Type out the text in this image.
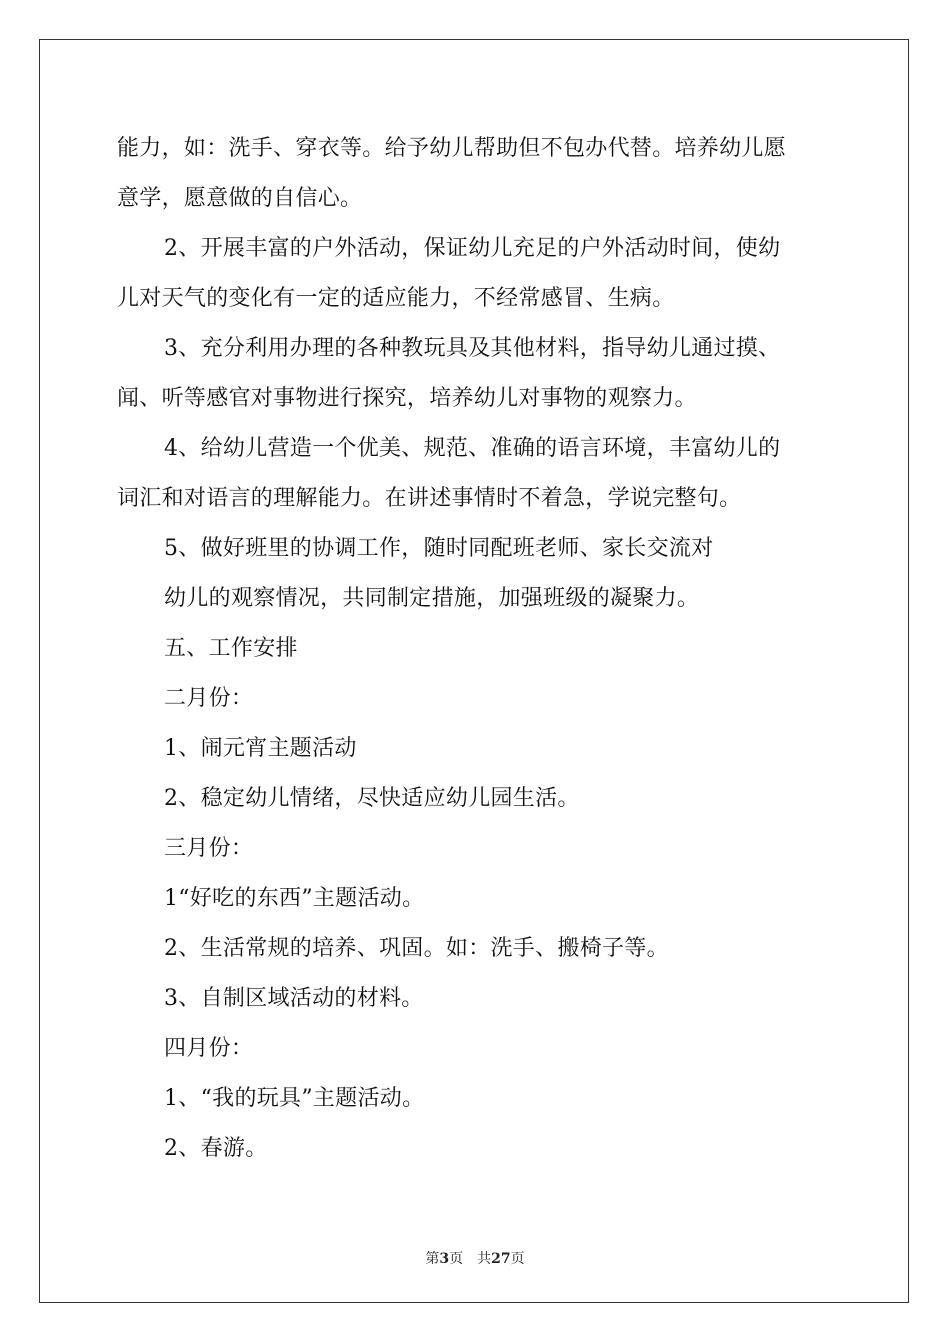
能力，如：洗手、穿衣等。给予幼儿帮助但不包办代替。培养幼儿愿
意学，愿意做的自信心。
2、开展丰富的户外活动，保证幼儿充足的户外活动时间，使幼
儿对天气的变化有一定的适应能力，不经常感冒、生病。
3、充分利用办理的各种教玩具及其他材料，指导幼儿通过摸、
闻、听等感官对事物进行探究，培养幼儿对事物的观察力。
4、给幼儿营造一个优美、规范、准确的语言环境，丰富幼儿的
词汇和对语言的理解能力。在讲述事情时不着急，学说完整句。
5、做好班里的协调工作，随时同配班老师、家长交流对
幼儿的观察情况，共同制定措施，加强班级的凝聚力。
五、工作安排
二月份：
1、闹元宵主题活动
2、稳定幼儿情绪，尽快适应幼儿园生活。
三月份：
1“好吃的东西”主题活动。
2、生活常规的培养、巩固。如：洗手、搬椅子等。
3、自制区域活动的材料。
四月份：
1、“我的玩具”主题活动。
2、春游。
第3页 共27页
